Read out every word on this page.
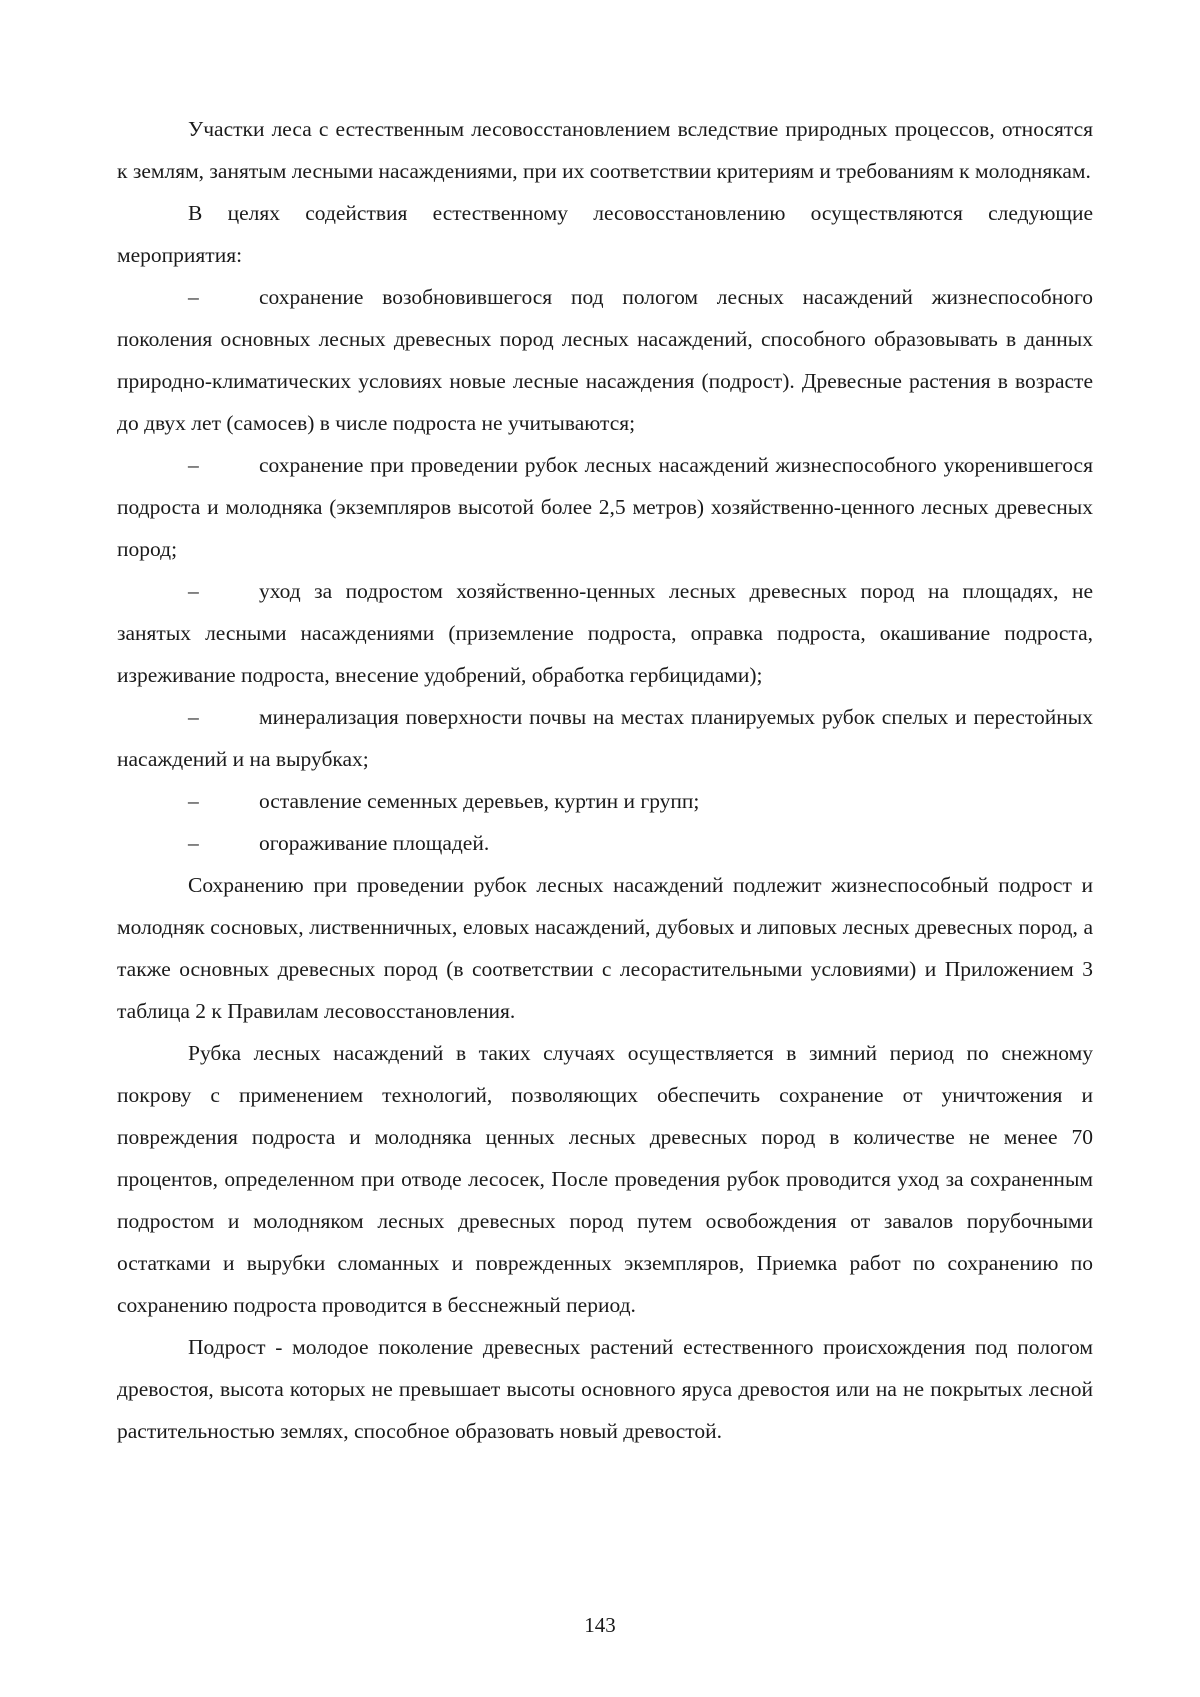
Участки леса с естественным лесовосстановлением вследствие природных процессов, относятся к землям, занятым лесными насаждениями, при их соответствии критериям и требованиям к молоднякам.

В целях содействия естественному лесовосстановлению осуществляются следующие мероприятия:

–	сохранение возобновившегося под пологом лесных насаждений жизнеспособного поколения основных лесных древесных пород лесных насаждений, способного образовывать в данных природно-климатических условиях новые лесные насаждения (подрост). Древесные растения в возрасте до двух лет (самосев) в числе подроста не учитываются;

–	сохранение при проведении рубок лесных насаждений жизнеспособного укоренившегося подроста и молодняка (экземпляров высотой более 2,5 метров) хозяйственно-ценного лесных древесных пород;

–	уход за подростом хозяйственно-ценных лесных древесных пород на площадях, не занятых лесными насаждениями (приземление подроста, оправка подроста, окашивание подроста, изреживание подроста, внесение удобрений, обработка гербицидами);

–	минерализация поверхности почвы на местах планируемых рубок спелых и перестойных насаждений и на вырубках;

–	оставление семенных деревьев, куртин и групп;

–	огораживание площадей.

Сохранению при проведении рубок лесных насаждений подлежит жизнеспособный подрост и молодняк сосновых, лиственничных, еловых насаждений, дубовых и липовых лесных древесных пород, а также основных древесных пород (в соответствии с лесорастительными условиями) и Приложением 3 таблица 2 к Правилам лесовосстановления.

Рубка лесных насаждений в таких случаях осуществляется в зимний период по снежному покрову с применением технологий, позволяющих обеспечить сохранение от уничтожения и повреждения подроста и молодняка ценных лесных древесных пород в количестве не менее 70 процентов, определенном при отводе лесосек, После проведения рубок проводится уход за сохраненным подростом и молодняком лесных древесных пород путем освобождения от завалов порубочными остатками и вырубки сломанных и поврежденных экземпляров, Приемка работ по сохранению по сохранению подроста проводится в бесснежный период.

Подрост - молодое поколение древесных растений естественного происхождения под пологом древостоя, высота которых не превышает высоты основного яруса древостоя или на не покрытых лесной растительностью землях, способное образовать новый древостой.

143
